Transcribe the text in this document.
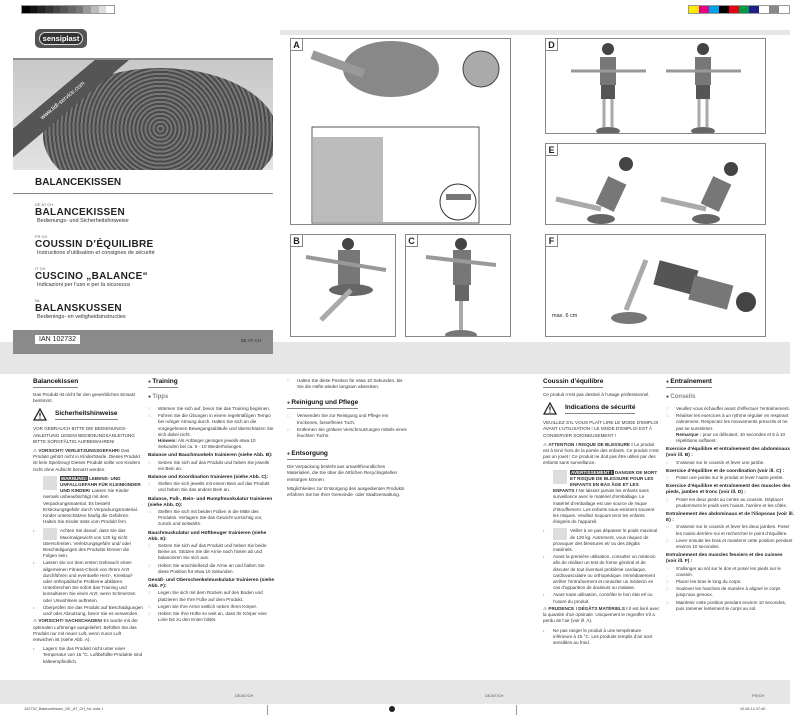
sensiplast
www.lidl-service.com
BALANCEKISSEN
DE AT CH
BALANCEKISSEN
Bedienungs- und Sicherheitshinweise
FR CH
COUSSIN D’ÉQUILIBRE
Instructions d’utilisation et consignes de sécurité
IT CH
CUSCINO „BALANCE“
Indicazioni per l’uso e per la sicurezza
NL
BALANSKUSSEN
Bedienings- en veiligheidsinstructies
IAN 102732	DE AT CH
A
B	C
D
E
F
max. 6 cm
Balancekissen

Das Produkt ist nicht für den gewerblichen Einsatz bestimmt.

Sicherheitshinweise

VOR GEBRAUCH BITTE DIE BEDIENUNGS-ANLEITUNG LESEN! BEDIENUNGSANLEITUNG BITTE SORGFÄLTIG AUFBEWAHREN!

⚠ VORSICHT! VERLETZUNGSGEFAHR! Das Produkt gehört nicht in Kinderhände. Dieses Produkt ist kein Spielzeug! Dieses Produkt sollte von Kindern nicht ohne Aufsicht benutzt werden.

WARNUNG! LEBENS- UND UNFALLGEFAHR FÜR KLEINKINDER UND KINDER! Lassen Sie Kinder niemals unbeaufsichtigt mit dem Verpackungsmaterial. Es besteht Erstickungsgefahr durch Verpackungsmaterial. Kinder unterschätzen häufig die Gefahren. Halten Sie Kinder stets vom Produkt fern.

• Achten Sie darauf, dass Sie das Maximalgewicht von 120 kg nicht überschreiten. Verletzungsgefahr und/ oder Beschädigungen des Produkts können die Folgen sein.
• Lassen Sie vor dem ersten Gebrauch einen allgemeinen Fitness-Check von Ihrem Arzt durchführen und eventuelle Herz-, Kreislauf- oder orthopädische Probleme abklären. Unterbrechen Sie sofort das Training und konsultieren Sie einen Arzt, wenn Schmerzen oder Unwohlsein auftreten.
• Überprüfen Sie das Produkt auf Beschädigungen und/ oder Abnutzung, bevor Sie es verwenden.

⚠ VORSICHT! SACHSCHADEN! Es wurde mit der optimalen Luftmenge ausgeliefert. Befüllen Sie das Produkt nur mit neuer Luft, wenn zuvor Luft entwichen ist (siehe Abb. A).

• Lagern Sie das Produkt nicht unter einer Temperatur von 15 °C. Luftbefüllte Produkte sind kälteempfindlich.
● Training
● Tipps
□ Wärmen Sie sich auf, bevor Sie das Training beginnen.
□ Führen Sie die Übungen in einem regelmäßigen Tempo bei ruhiger Atmung durch. Halten Sie sich an die vorgegebenen Bewegungsabläufe und überschätzen Sie sich dabei nicht.
Hinweis: Als Anfänger genügen jeweils etwa 10 Sekunden bei ca. 5 - 10 Wiederholungen.
Balance und Bauchmuskeln trainieren (siehe Abb. B):
□ Setzen Sie sich auf das Produkt und heben Sie jeweils ein Bein an.
Balance und Koordination trainieren (siehe Abb. C):
□ Stellen Sie sich jeweils mit einem Bein auf das Produkt und heben Sie das andere Bein an.
Balance, Fuß-, Bein- und Rumpfmuskulatur trainieren (siehe Abb. D):
□ Stellen Sie sich mit beiden Füßen in die Mitte des Produkts. Verlagern Sie das Gewicht vorsichtig vor, zurück und seitwärts.
Bauchmuskulatur und Hüftbeuger trainieren (siehe Abb. E):
□ Setzen Sie sich auf das Produkt und heben Sie beide Beine an. Stützen Sie die Arme nach hinten ab und balancieren Sie sich aus.
□ Heben Sie anschließend die Arme an und halten Sie diese Position für etwa 10 Sekunden.
Gesäß- und Oberschenkelmuskulatur trainieren (siehe Abb. F):
□ Legen Sie sich mit dem Rücken auf den Boden und platzieren Sie Ihre Füße auf dem Produkt.
□ Legen Sie Ihre Arme seitlich neben Ihren Körper.
□ Heben Sie Ihre Hüfte so weit an, dass Ihr Körper eine Linie bis zu den Knien bildet.
□ Halten Sie diese Position für etwa 10 Sekunden, bis Sie die Hüfte wieder langsam absenken.
● Reinigung und Pflege
□ Verwenden Sie zur Reinigung und Pflege ein trockenes, fusselfreies Tuch.
□ Entfernen Sie gröbere Verschmutzungen mittels eines feuchten Tuchs.
● Entsorgung

Die Verpackung besteht aus umweltfreundlichen Materialien, die Sie über die örtlichen Recyclingstellen entsorgen können.

Möglichkeiten zur Entsorgung des ausgedienten Produkts erfahren Sie bei Ihrer Gemeinde- oder Stadtverwaltung.

Coussin d’équilibre

Ce produit n’est pas destiné à l’usage professionnel.

Indications de sécurité

VEUILLEZ S’IL VOUS PLAÎT LIRE LE MODE D’EMPLOI AVANT L’UTILISATION ! LE MODE D’EMPLOI EST À CONSERVER SOIGNEUSEMENT !

⚠ ATTENTION ! RISQUE DE BLESSURE ! Le produit est à tenir hors de la portée des enfants. Ce produit n’est pas un jouet ! Ce produit ne doit pas être utilisé par des enfants sans surveillance.

AVERTISSEMENT ! DANGER DE MORT ET RISQUE DE BLESSURE POUR LES ENFANTS EN BAS ÂGE ET LES ENFANTS ! Ne laissez jamais les enfants sans surveillance avec le matériel d’emballage. Le matériel d’emballage est une source de risque d’étouffement. Les enfants sous-estiment souvent les risques. Veuillez toujours tenir les enfants éloignés de l’appareil.

• Veiller à ne pas dépasser le poids maximal de 120 kg. Autrement, vous risquez de provoquer des blessures et/ ou des dégâts matériels.
• Avant la première utilisation, consulter un médecin afin de réaliser un test de forme général et de discuter de tout éventuel problème cardiaque, cardiovasculaire ou orthopédique. Immédiatement arrêter l’entraînement et consulter un médecin en cas d’apparition de douleurs ou malaise.
• Avant toute utilisation, contrôler le bon état et/ ou l’usure du produit.

⚠ PRUDENCE ! DÉGÂTS MATÉRIELS ! Il est livré avec la quantité d’air optimale. Uniquement le regonfler s’il a perdu de l’air (voir ill. A).

• Ne pas ranger le produit à une température inférieure à 15 °C. Les produits remplis d’air sont sensibles au froid.
● Entraînement
● Conseils
□ Veuillez vous échauffer avant d’effectuer l’entraînement.
□ Réaliser les exercices à un rythme régulier en respirant calmement. Respectez les mouvements prescrits et ne pas se surestimer.
Remarque : pour un débutant, 10 secondes et 5 à 10 répétitions suffisent.
Exercice d’équilibre et entraînement des abdominaux (voir ill. B) :
□ S’asseoir sur le coussin et lever une jambe.
Exercice d’équilibre et de coordination (voir ill. C) :
□ Poser une jambe sur le produit et lever l’autre jambe.
Exercice d’équilibre et entraînement des muscles des pieds, jambes et tronc (voir ill. D) :
□ Poser les deux pieds au centre au coussin. Déplacer prudemment le poids vers l’avant, l’arrière et les côtés.
Entraînement des abdominaux et de l’iliopsoas (voir ill. E) :
□ S’asseoir sur le coussin et lever les deux jambes. Poser les mains derrière soi et rechercher le point d’équilibre.
□ Lever ensuite les bras et maintenir cette position pendant environ 10 secondes.
Entraînement des muscles fessiers et des cuisses (voir ill. F) :
□ S’allonger au sol sur le dos et poser les pieds sur le coussin.
□ Placer les bras le long du corps.
□ Soulever les hanches de manière à aligner le corps jusqu’aux genoux.
□ Maintenir cette position pendant environ 10 secondes, puis ramener lentement le corps au sol.
DE/AT/CH	DE/AT/CH	FR/CH
102732_Balancekissen_DE_AT_CH_NL.indd 1	10.06.14 07:40
